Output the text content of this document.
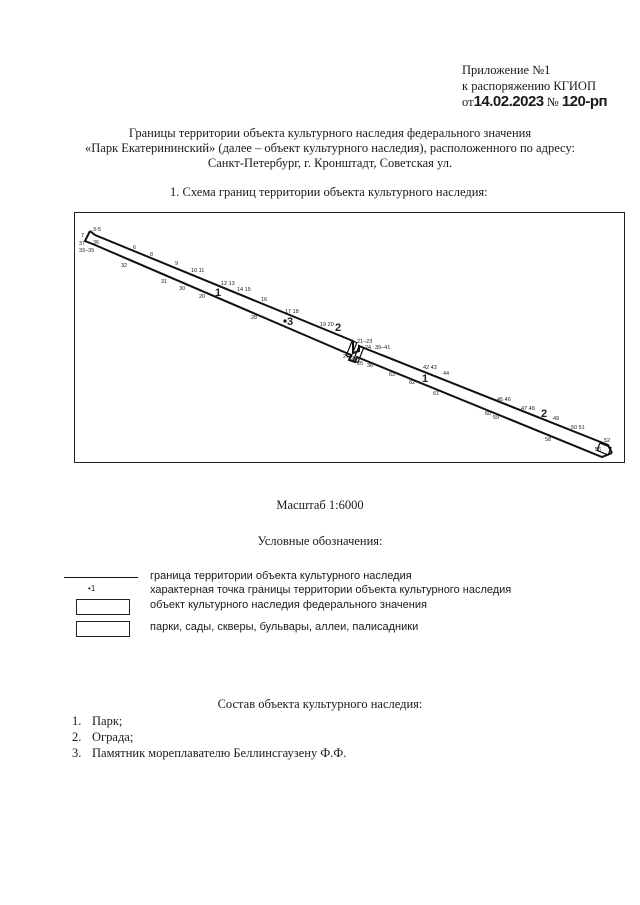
Приложение №1
к распоряжению КГИОП
от14.02.2023 № 120-рп
Границы территории объекта культурного наследия федерального значения
«Парк Екатерининский» (далее – объект культурного наследия), расположенного по адресу:
Санкт-Петербург, г. Кронштадт, Советская ул.
1. Схема границ территории объекта культурного наследия:
3-5
7
37 36
33–35	6
8
32	9
10 11
31	12 13
14 15
30
20	16
17 18
28
19 20
21–23
24 39–41
27 26
25 38	42 43
44
63
62
61
45 46
60
59
47 48
49
50 51
58	52
56
1
3	2
1
2
Масштаб 1:6000
Условные обозначения:
граница территории объекта культурного наследия
•1	характерная точка границы территории объекта культурного наследия
объект культурного наследия федерального значения
парки, сады, скверы, бульвары, аллеи, палисадники
Состав объекта культурного наследия:
1. Парк;
2. Ограда;
3. Памятник мореплавателю Беллинсгаузену Ф.Ф.
